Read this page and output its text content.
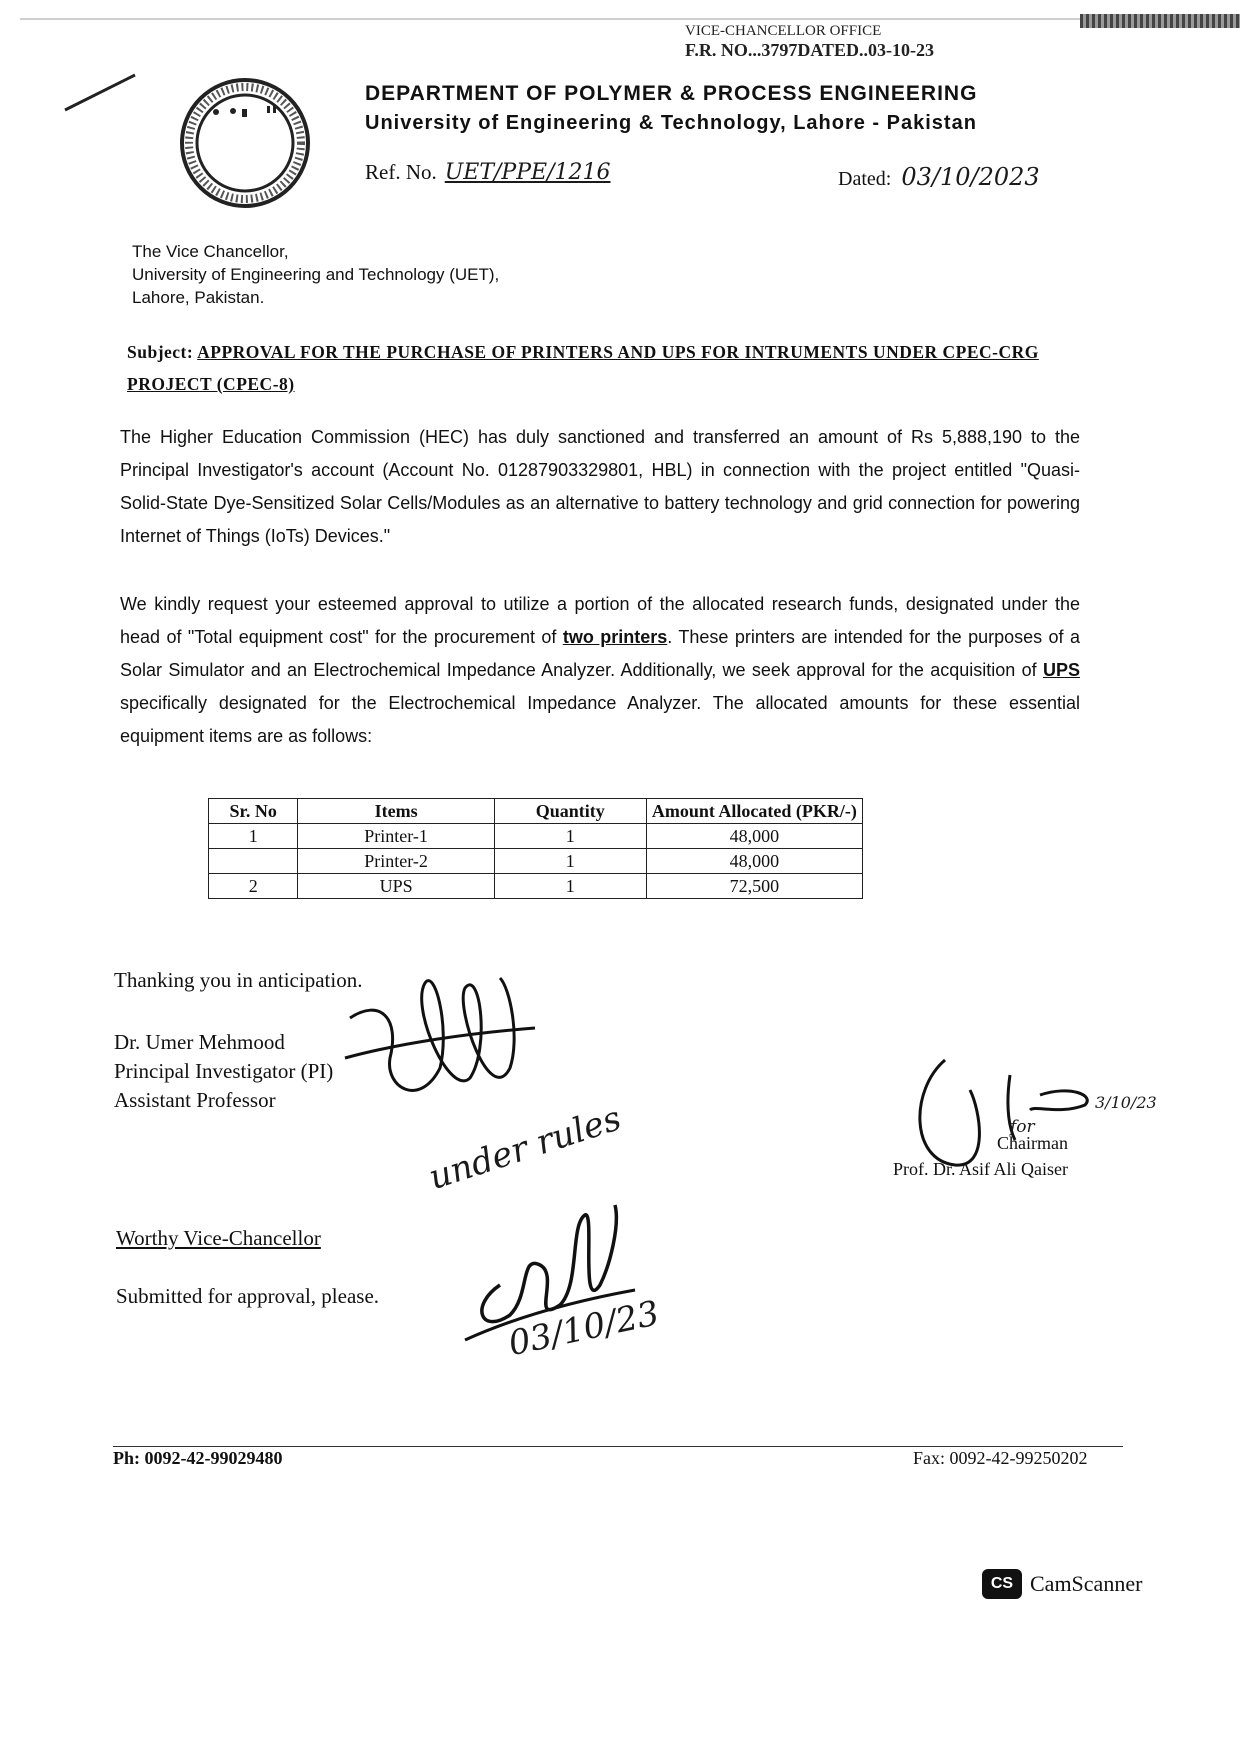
VICE-CHANCELLOR OFFICE
F.R. NO...3797DATED..03-10-23
DEPARTMENT OF POLYMER & PROCESS ENGINEERING
University of Engineering & Technology, Lahore - Pakistan
Ref. No. UET/PPE/1216	Dated: 03/10/2023
The Vice Chancellor,
University of Engineering and Technology (UET),
Lahore, Pakistan.
Subject: APPROVAL FOR THE PURCHASE OF PRINTERS AND UPS FOR INTRUMENTS UNDER CPEC-CRG PROJECT (CPEC-8)
The Higher Education Commission (HEC) has duly sanctioned and transferred an amount of Rs 5,888,190 to the Principal Investigator's account (Account No. 01287903329801, HBL) in connection with the project entitled "Quasi-Solid-State Dye-Sensitized Solar Cells/Modules as an alternative to battery technology and grid connection for powering Internet of Things (IoTs) Devices."
We kindly request your esteemed approval to utilize a portion of the allocated research funds, designated under the head of "Total equipment cost" for the procurement of two printers. These printers are intended for the purposes of a Solar Simulator and an Electrochemical Impedance Analyzer. Additionally, we seek approval for the acquisition of UPS specifically designated for the Electrochemical Impedance Analyzer. The allocated amounts for these essential equipment items are as follows:
Sr. No	Items	Quantity	Amount Allocated (PKR/-)
1	Printer-1	1	48,000
	Printer-2	1	48,000
2	UPS	1	72,500
Thanking you in anticipation.
Dr. Umer Mehmood
Principal Investigator (PI)
Assistant Professor
for
3/10/23
Chairman
Prof. Dr. Asif Ali Qaiser
Worthy Vice-Chancellor
Submitted for approval, please.
under rules
03/10/23
Ph: 0092-42-99029480	Fax: 0092-42-99250202
CS CamScanner
